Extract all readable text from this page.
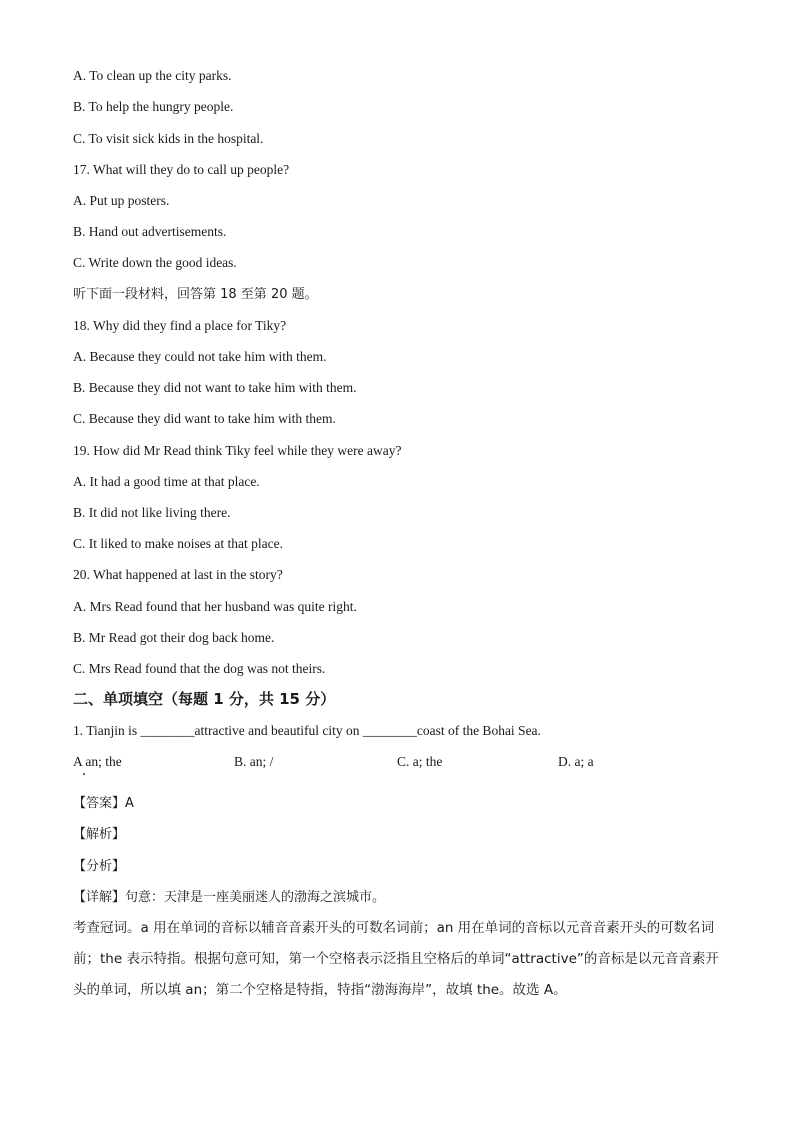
A. To clean up the city parks.
B. To help the hungry people.
C. To visit sick kids in the hospital.
17. What will they do to call up people?
A. Put up posters.
B. Hand out advertisements.
C. Write down the good ideas.
听下面一段材料，回答第 18 至第 20 题。
18. Why did they find a place for Tiky?
A. Because they could not take him with them.
B. Because they did not want to take him with them.
C. Because they did want to take him with them.
19. How did Mr Read think Tiky feel while they were away?
A. It had a good time at that place.
B. It did not like living there.
C. It liked to make noises at that place.
20. What happened at last in the story?
A. Mrs Read found that her husband was quite right.
B. Mr Read got their dog back home.
C. Mrs Read found that the dog was not theirs.
二、单项填空（每题 1 分，共 15 分）
1. Tianjin is ________attractive and beautiful city on ________coast of the Bohai Sea.
A an; the	B. an; /	C. a; the	D. a; a
【答案】A
【解析】
【分析】
【详解】句意：天津是一座美丽迷人的渤海之滨城市。
考查冠词。a 用在单词的音标以辅音音素开头的可数名词前；an 用在单词的音标以元音音素开头的可数名词前；the 表示特指。根据句意可知，第一个空格表示泛指且空格后的单词“attractive”的音标是以元音音素开头的单词，所以填 an；第二个空格是特指，特指“渤海海岸”，故填 the。故选 A。
